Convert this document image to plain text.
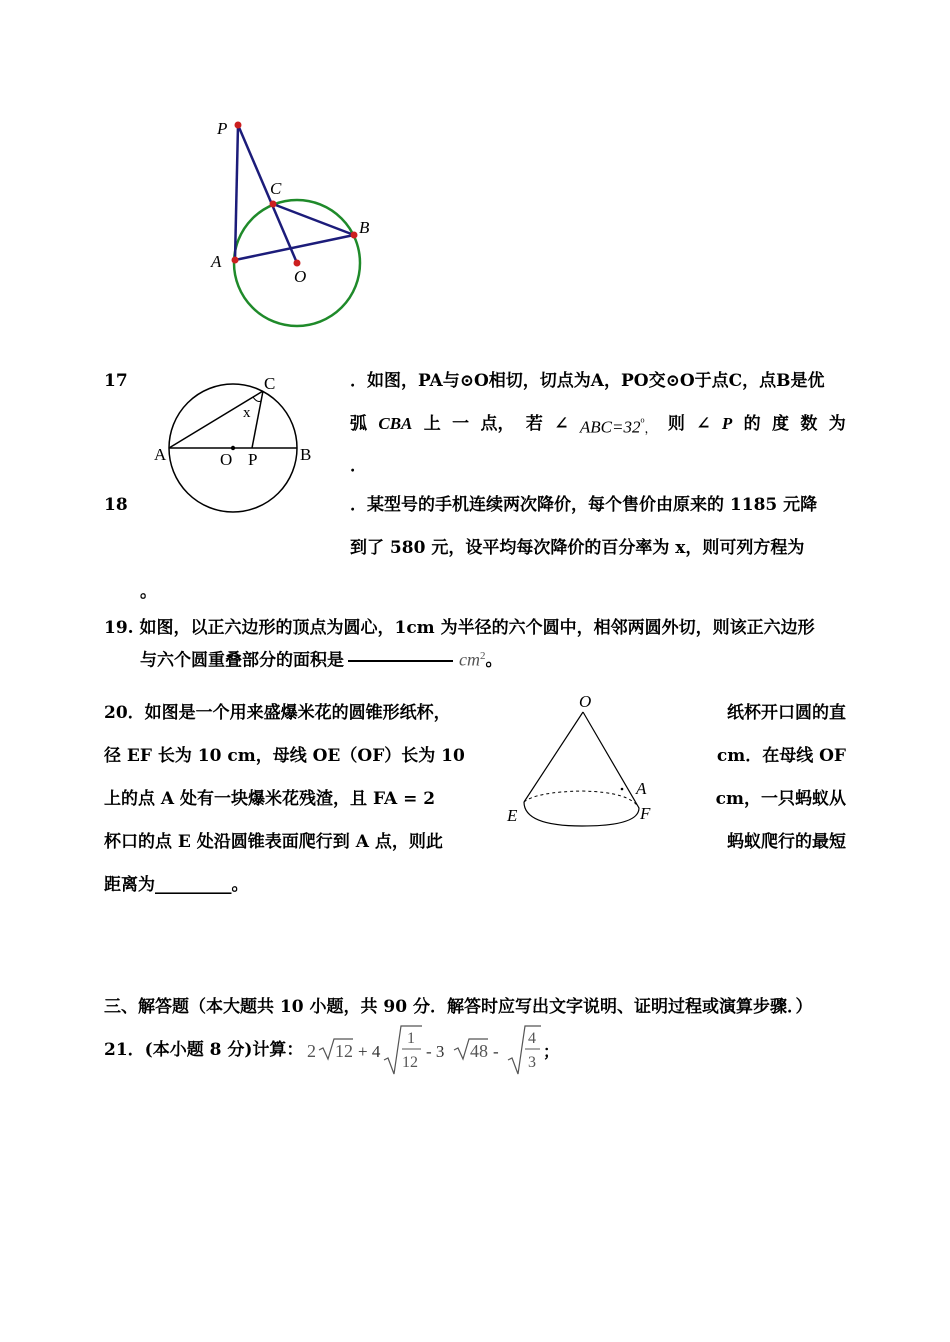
P
C
B
A
O
17	C
x
A	O P	B
．如图，PA与⊙O相切，切点为A，PO交⊙O于点C，点B是优
弧 CBA 上 一 点， 若 ∠ $ABC=32^{^0}$， 则 ∠ P 的 度 数 为
．
18	．某型号的手机连续两次降价，每个售价由原来的 1185 元降
到了 580 元，设平均每次降价的百分率为 x，则可列方程为
。
19. 如图，以正六边形的顶点为圆心，1cm 为半径的六个圆中，相邻两圆外切，则该正六边形
与六个圆重叠部分的面积是	$cm^2$。
20．如图是一个用来盛爆米花的圆锥形纸杯，
径 EF 长为 10 cm，母线 OE（OF）长为 10
上的点 A 处有一块爆米花残渣，且 FA = 2
杯口的点 E 处沿圆锥表面爬行到 A 点，则此
距离为_________。
纸杯开口圆的直
cm．在母线 OF
cm，一只蚂蚁从
蚂蚁爬行的最短
O
A
E	F
三、解答题（本大题共 10 小题，共 90 分．解答时应写出文字说明、证明过程或演算步骤．）
21．(本小题 8 分)计算： 2 12 + 4
1
12
- 3 48 -
4
3
；
